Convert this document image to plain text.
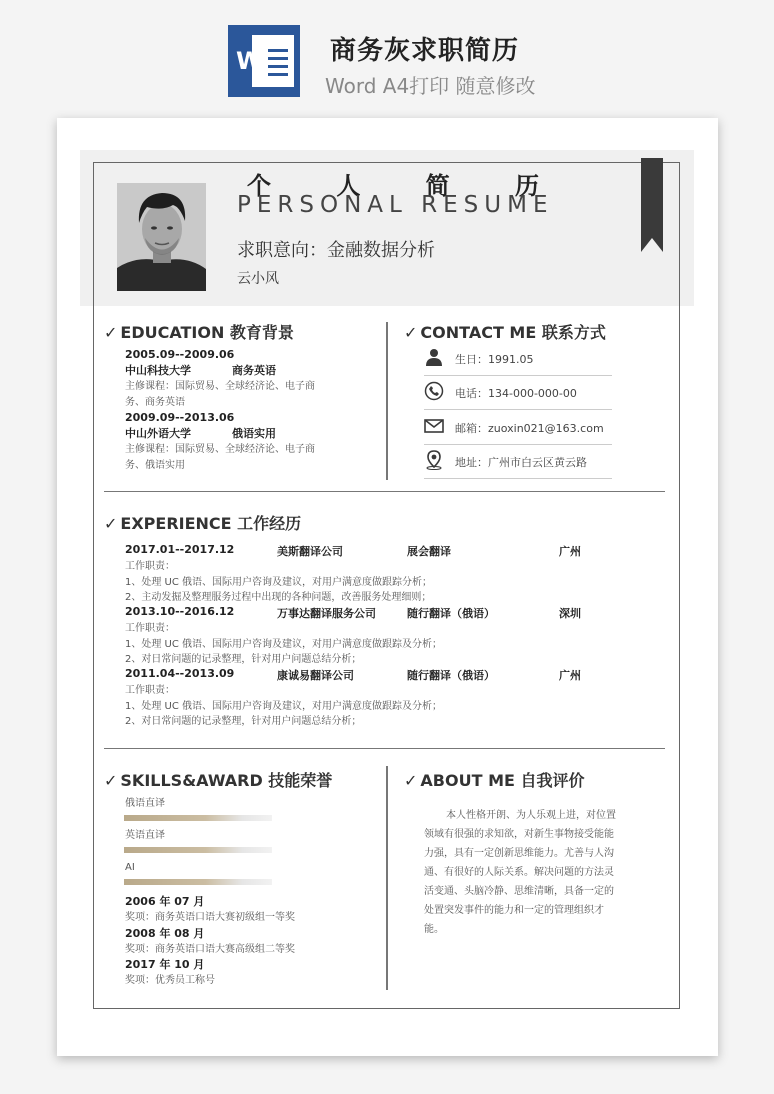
W	商务灰求职简历
Word A4打印 随意修改
个	人	简	历
PERSONAL RESUME
求职意向：金融数据分析
云小风
✓ EDUCATION 教育背景
2005.09--2009.06
中山科技大学	商务英语
主修课程：国际贸易、全球经济论、电子商
务、商务英语
2009.09--2013.06
中山外语大学	俄语实用
主修课程：国际贸易、全球经济论、电子商
务、俄语实用
✓ CONTACT ME 联系方式
生日：1991.05
电话：134-000-000-00
邮箱：zuoxin021@163.com
地址：广州市白云区黄云路
✓ EXPERIENCE 工作经历
2017.01--2017.12	美斯翻译公司	展会翻译	广州
工作职责：
1、处理 UC 俄语、国际用户咨询及建议，对用户满意度做跟踪分析；
2、主动发掘及整理服务过程中出现的各种问题，改善服务处理细则；
2013.10--2016.12	万事达翻译服务公司	随行翻译（俄语）	深圳
工作职责：
1、处理 UC 俄语、国际用户咨询及建议，对用户满意度做跟踪及分析；
2、对日常问题的记录整理，针对用户问题总结分析；
2011.04--2013.09	康诚易翻译公司	随行翻译（俄语）	广州
工作职责：
1、处理 UC 俄语、国际用户咨询及建议，对用户满意度做跟踪及分析；
2、对日常问题的记录整理，针对用户问题总结分析；
✓ SKILLS&AWARD 技能荣誉
俄语直译
英语直译
AI
2006 年 07 月
奖项：商务英语口语大赛初级组一等奖
2008 年 08 月
奖项：商务英语口语大赛高级组二等奖
2017 年 10 月
奖项：优秀员工称号
✓ ABOUT ME 自我评价
本人性格开朗、为人乐观上进，对位置领域有很强的求知欲，对新生事物接受能能力强，具有一定创新思维能力。尤善与人沟通、有很好的人际关系。解决问题的方法灵活变通、头脑冷静、思维清晰，具备一定的处置突发事件的能力和一定的管理组织才能。
